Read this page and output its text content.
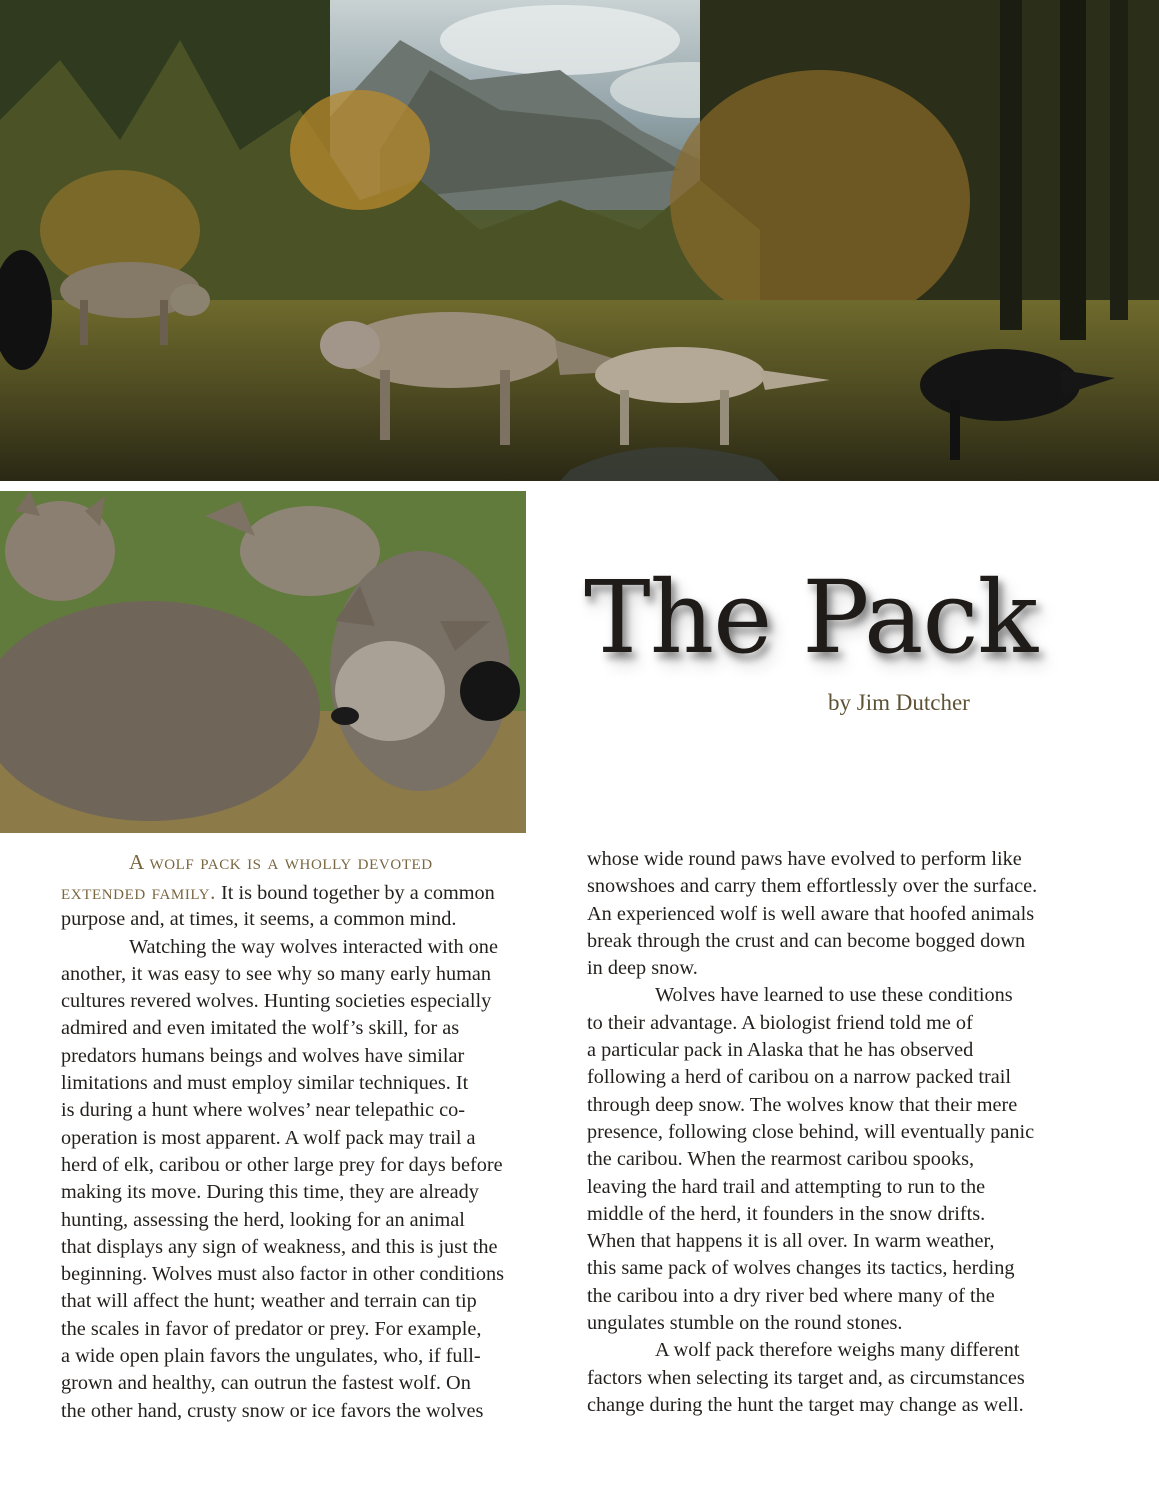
The Pack
by Jim Dutcher
A wolf pack is a wholly devoted
extended family. It is bound together by a common
purpose and, at times, it seems, a common mind.
Watching the way wolves interacted with one
another, it was easy to see why so many early human
cultures revered wolves. Hunting societies especially
admired and even imitated the wolf’s skill, for as
predators humans beings and wolves have similar
limitations and must employ similar techniques. It
is during a hunt where wolves’ near telepathic co-
operation is most apparent. A wolf pack may trail a
herd of elk, caribou or other large prey for days before
making its move. During this time, they are already
hunting, assessing the herd, looking for an animal
that displays any sign of weakness, and this is just the
beginning. Wolves must also factor in other conditions
that will affect the hunt; weather and terrain can tip
the scales in favor of predator or prey. For example,
a wide open plain favors the ungulates, who, if full-
grown and healthy, can outrun the fastest wolf. On
the other hand, crusty snow or ice favors the wolves
whose wide round paws have evolved to perform like
snowshoes and carry them effortlessly over the surface.
An experienced wolf is well aware that hoofed animals
break through the crust and can become bogged down
in deep snow.
Wolves have learned to use these conditions
to their advantage. A biologist friend told me of
a particular pack in Alaska that he has observed
following a herd of caribou on a narrow packed trail
through deep snow. The wolves know that their mere
presence, following close behind, will eventually panic
the caribou. When the rearmost caribou spooks,
leaving the hard trail and attempting to run to the
middle of the herd, it founders in the snow drifts.
When that happens it is all over. In warm weather,
this same pack of wolves changes its tactics, herding
the caribou into a dry river bed where many of the
ungulates stumble on the round stones.
A wolf pack therefore weighs many different
factors when selecting its target and, as circumstances
change during the hunt the target may change as well.
